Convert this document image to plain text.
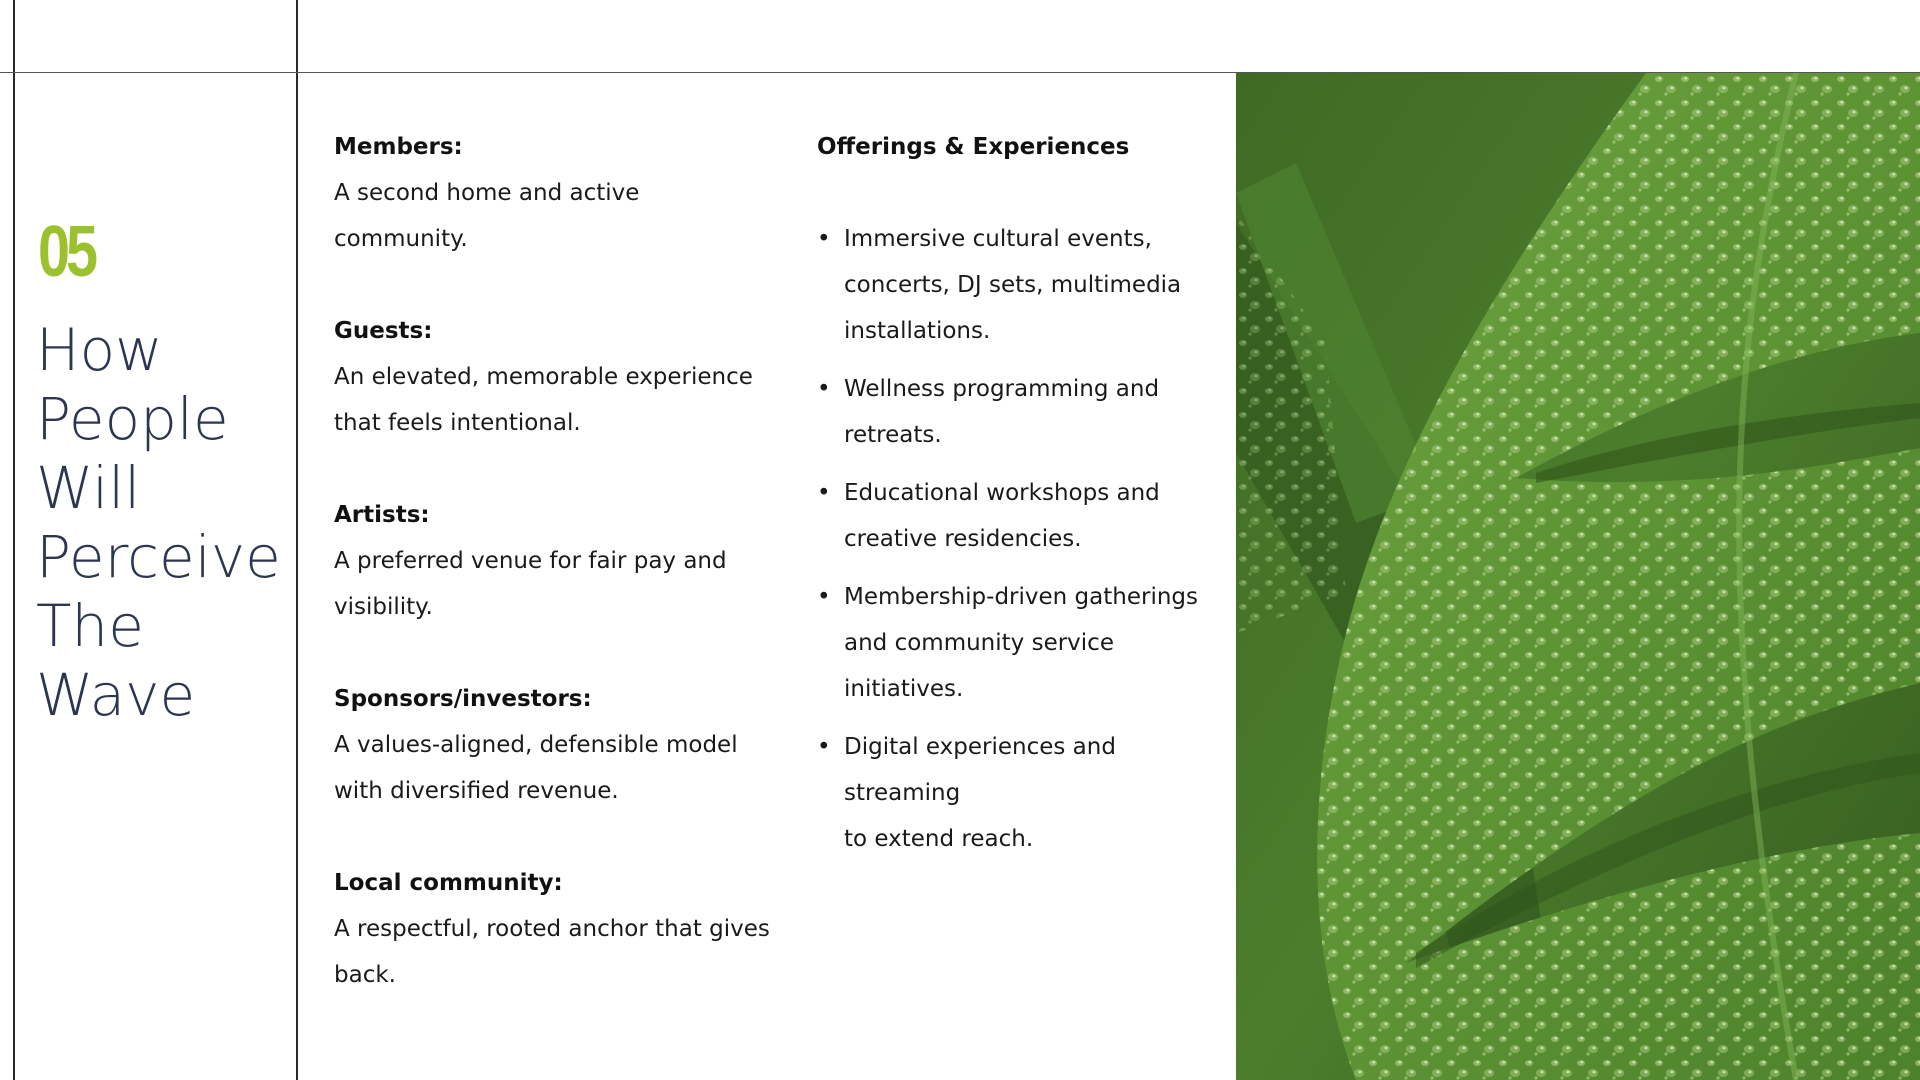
05
How
People
Will
Perceive
The
Wave

Members:

A second home and active community.

Guests:

An elevated, memorable experience

that feels intentional.

Artists:

A preferred venue for fair pay and

visibility.

Sponsors/investors:

A values-aligned, defensible model

with diversified revenue.

Local community:

A respectful, rooted anchor that gives

back.

Offerings & Experiences

• Immersive cultural events,
concerts, DJ sets, multimedia
installations.
• Wellness programming and
retreats.
• Educational workshops and
creative residencies.
• Membership-driven gatherings
and community service initiatives.
• Digital experiences and streaming
to extend reach.
